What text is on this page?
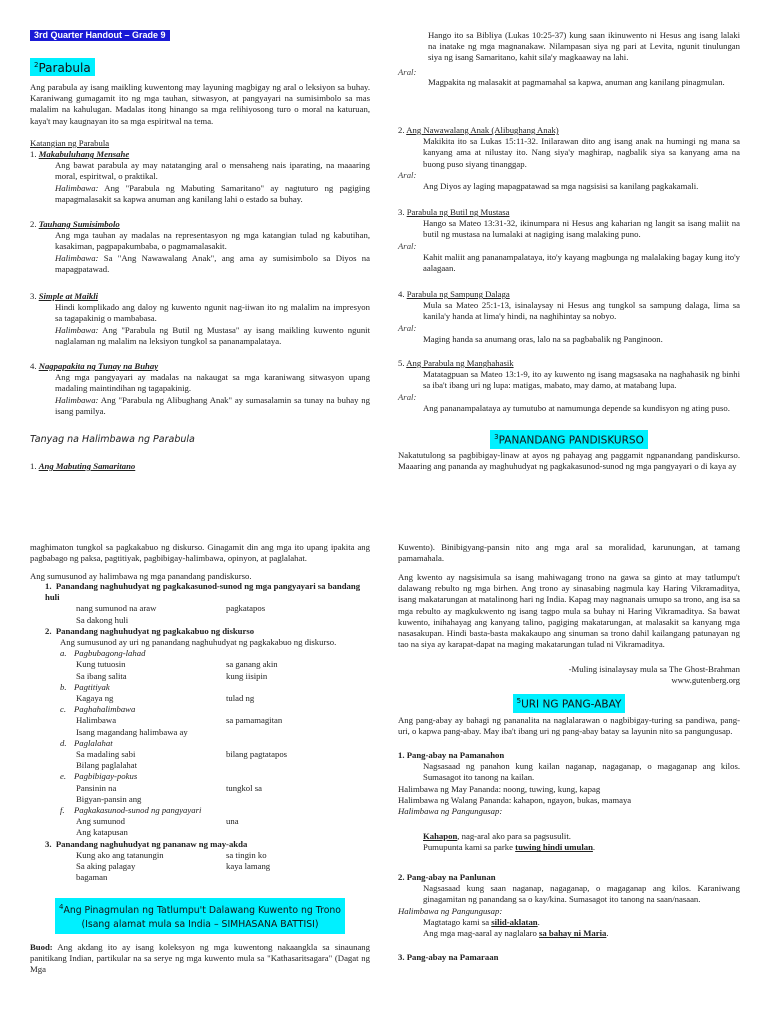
3rd Quarter Handout – Grade 9
$^2$Parabula

Ang parabula ay isang maikling kuwentong may layuning magbigay ng aral o leksiyon sa buhay. Karaniwang gumagamit ito ng mga tauhan, sitwasyon, at pangyayari na sumisimbolo sa mas malalim na kahulugan. Madalas itong hinango sa mga relihiyosong turo o moral na katuruan, kaya't may kaugnayan ito sa mga espiritwal na tema.

Katangian ng Parabula

1. Makabuluhang Mensahe

Ang bawat parabula ay may natatanging aral o mensaheng nais iparating, na maaaring moral, espiritwal, o praktikal.

Halimbawa: Ang "Parabula ng Mabuting Samaritano" ay nagtuturo ng pagiging mapagmalasakit sa kapwa anuman ang kanilang lahi o estado sa buhay.

2. Tauhang Sumisimbolo

Ang mga tauhan ay madalas na representasyon ng mga katangian tulad ng kabutihan, kasakiman, pagpapakumbaba, o pagmamalasakit.

Halimbawa: Sa "Ang Nawawalang Anak", ang ama ay sumisimbolo sa Diyos na mapagpatawad.

3. Simple at Maikli

Hindi komplikado ang daloy ng kuwento ngunit nag-iiwan ito ng malalim na impresyon sa tagapakinig o mambabasa.

Halimbawa: Ang "Parabula ng Butil ng Mustasa" ay isang maikling kuwento ngunit naglalaman ng malalim na leksiyon tungkol sa pananampalataya.

4. Nagpapakita ng Tunay na Buhay

Ang mga pangyayari ay madalas na nakaugat sa mga karaniwang sitwasyon upang madaling maintindihan ng tagapakinig.

Halimbawa: Ang "Parabula ng Alibughang Anak" ay sumasalamin sa tunay na buhay ng isang pamilya.

Tanyag na Halimbawa ng Parabula

1. Ang Mabuting Samaritano

Hango ito sa Bibliya (Lukas 10:25-37) kung saan ikinuwento ni Hesus ang isang lalaki na inatake ng mga magnanakaw. Nilampasan siya ng pari at Levita, ngunit tinulungan siya ng isang Samaritano, kahit sila'y magkaaway na lahi.

Aral:

Magpakita ng malasakit at pagmamahal sa kapwa, anuman ang kanilang pinagmulan.

2. Ang Nawawalang Anak (Alibughang Anak)

Makikita ito sa Lukas 15:11-32. Inilarawan dito ang isang anak na humingi ng mana sa kanyang ama at nilustay ito. Nang siya'y maghirap, nagbalik siya sa kanyang ama na buong puso siyang tinanggap.

Aral:

Ang Diyos ay laging mapagpatawad sa mga nagsisisi sa kanilang pagkakamali.

3. Parabula ng Butil ng Mustasa

Hango sa Mateo 13:31-32, ikinumpara ni Hesus ang kaharian ng langit sa isang maliit na butil ng mustasa na lumalaki at nagiging isang malaking puno.

Aral:

Kahit maliit ang pananampalataya, ito'y kayang magbunga ng malalaking bagay kung ito'y aalagaan.

4. Parabula ng Sampung Dalaga

Mula sa Mateo 25:1-13, isinalaysay ni Hesus ang tungkol sa sampung dalaga, lima sa kanila'y handa at lima'y hindi, na naghihintay sa nobyo.

Aral:

Maging handa sa anumang oras, lalo na sa pagbabalik ng Panginoon.

5. Ang Parabula ng Manghahasik

Matatagpuan sa Mateo 13:1-9, ito ay kuwento ng isang magsasaka na naghahasik ng binhi sa iba't ibang uri ng lupa: matigas, mabato, may damo, at matabang lupa.

Aral:

Ang pananampalataya ay tumutubo at namumunga depende sa kundisyon ng ating puso.

$^3$PANANDANG PANDISKURSO

Nakatutulong sa pagbibigay-linaw at ayos ng pahayag ang paggamit ngpanandang pandiskurso. Maaaring ang pananda ay maghuhudyat ng pagkakasunod-sunod ng mga pangyayari o di kaya ay

maghimaton tungkol sa pagkakabuo ng diskurso. Ginagamit din ang mga ito upang ipakita ang pagbabago ng paksa, pagtitiyak, pagbibigay-halimbawa, opinyon, at paglalahat.

Ang sumusunod ay halimbawa ng mga panandang pandiskurso.

1. Panandang naghuhudyat ng pagkakasunod-sunod ng mga pangyayari sa bandang huli

nang sumunod na araw	pagkatapos
Sa dakong huli

2. Panandang naghuhudyat ng pagkakabuo ng diskurso

Ang sumusunod ay uri ng panandang naghuhudyat ng pagkakabuo ng diskurso.

a. Pagbubagong-lahad

Kung tutuosin	sa ganang akin
Sa ibang salita	kung iisipin

b. Pagtitiyak

Kagaya ng	tulad ng

c. Paghahalimbawa

Halimbawa	sa pamamagitan
Isang magandang halimbawa ay

d. Paglalahat

Sa madaling sabi	bilang pagtatapos
Bilang paglalahat

e. Pagbibigay-pokus

Pansinin na	tungkol sa
Bigyan-pansin ang

f. Pagkakasunod-sunod ng pangyayari

Ang sumunod	una
Ang katapusan

3. Panandang naghuhudyat ng pananaw ng may-akda

Kung ako ang tatanungin	sa tingin ko
Sa aking palagay	kaya lamang
bagaman
$^4$Ang Pinagmulan ng Tatlumpu't Dalawang Kuwento ng Trono
(Isang alamat mula sa India – SIMHASANA BATTISI)

Buod: Ang akdang ito ay isang koleksyon ng mga kuwentong nakaangkla sa sinaunang panitikang Indian, partikular na sa serye ng mga kuwento mula sa "Kathasaritsagara" (Dagat ng Mga

Kuwento). Binibigyang-pansin nito ang mga aral sa moralidad, karunungan, at tamang pamamahala.

Ang kwento ay nagsisimula sa isang mahiwagang trono na gawa sa ginto at may tatlumpu't dalawang rebulto ng mga birhen. Ang trono ay sinasabing nagmula kay Haring Vikramaditya, isang makatarungan at matalinong hari ng India. Kapag may nagnanais umupo sa trono, ang isa sa mga rebulto ay magkukwento ng isang tagpo mula sa buhay ni Haring Vikramaditya. Sa bawat kuwento, inihahayag ang kanyang talino, pagiging makatarungan, at malasakit sa kanyang mga nasasakupan. Hindi basta-basta makakaupo ang sinuman sa trono dahil kailangang patunayan ng tao na siya ay karapat-dapat na maging makatarungan tulad ni Vikramaditya.

-Muling isinalaysay mula sa The Ghost-Brahman

www.gutenberg.org

$^5$URI NG PANG-ABAY

Ang pang-abay ay bahagi ng pananalita na naglalarawan o nagbibigay-turing sa pandiwa, pang-uri, o kapwa pang-abay. May iba't ibang uri ng pang-abay batay sa layunin nito sa pangungusap.

1. Pang-abay na Pamanahon

Nagsasaad ng panahon kung kailan naganap, nagaganap, o magaganap ang kilos. Sumasagot ito tanong na kailan.

Halimbawa ng May Pananda: noong, tuwing, kung, kapag

Halimbawa ng Walang Pananda: kahapon, ngayon, bukas, mamaya

Halimbawa ng Pangungusap:

Kahapon, nag-aral ako para sa pagsusulit.

Pumupunta kami sa parke tuwing hindi umulan.

2. Pang-abay na Panlunan

Nagsasaad kung saan naganap, nagaganap, o magaganap ang kilos. Karaniwang ginagamitan ng panandang sa o kay/kina. Sumasagot ito tanong na saan/nasaan.

Halimbawa ng Pangungusap:

Magtatago kami sa silid-aklatan.

Ang mga mag-aaral ay naglalaro sa bahay ni Maria.

3. Pang-abay na Pamaraan
